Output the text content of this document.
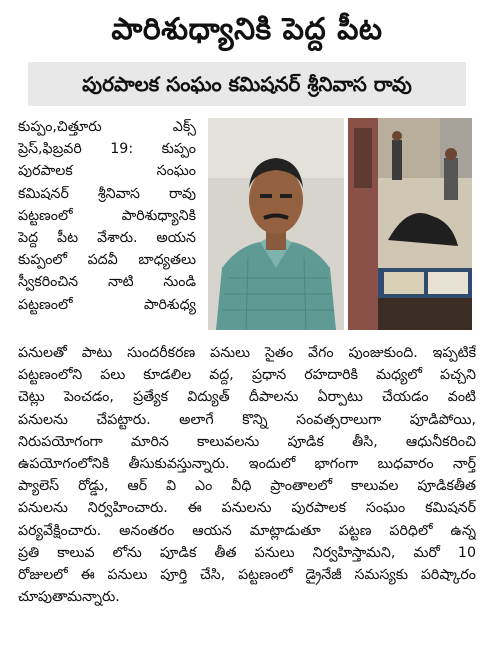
పారిశుధ్యానికి పెద్ద పీట
పురపాలక సంఘం కమిషనర్ శ్రీనివాస రావు
కుప్పం,చిత్తూరు ఎక్స్
ప్రెస్,ఫిబ్రవరి 19: కుప్పం
పురపాలక సంఘం
కమిషనర్ శ్రీనివాస రావు
పట్టణంలో పారిశుధ్యానికి
పెద్ద పీట వేశారు. అయన
కుప్పంలో పదవీ బాధ్యతలు
స్వీకరించిన నాటి నుండి
పట్టణంలో పారిశుధ్య
పనులతో పాటు సుందరీకరణ పనులు సైతం వేగం పుంజుకుంది. ఇప్పటికే
పట్టణంలోని పలు కూడలిల వద్ద, ప్రధాన రహదారికి మధ్యలో పచ్చని
చెట్లు పెంచడం, ప్రత్యేక విద్యుత్ దీపాలను ఏర్పాటు చేయడం వంటి
పనులను చేపట్టారు. అలాగే కొన్ని సంవత్సరాలుగా పూడిపోయి,
నిరుపయోగంగా మారిన కాలువలను పూడిక తీసి, ఆధునీకరించి
ఉపయోగంలోనికి తీసుకువస్తున్నారు. ఇందులో భాగంగా బుధవారం నార్త్
ప్యాలెస్ రోడ్డు, ఆర్ వి ఎం వీధి ప్రాంతాలలో కాలువల పూడికతీత
పనులను నిర్వహించారు. ఈ పనులను పురపాలక సంఘం కమిషనర్
పర్యవేక్షించారు. అనంతరం ఆయన మాట్లాడుతూ పట్టణ పరిధిలో ఉన్న
ప్రతి కాలువ లోను పూడిక తీత పనులు నిర్వహిస్తామని, మరో 10
రోజులలో ఈ పనులు పూర్తి చేసి, పట్టణంలో డ్రైనేజీ సమస్యకు పరిష్కారం
చూపుతామన్నారు.
